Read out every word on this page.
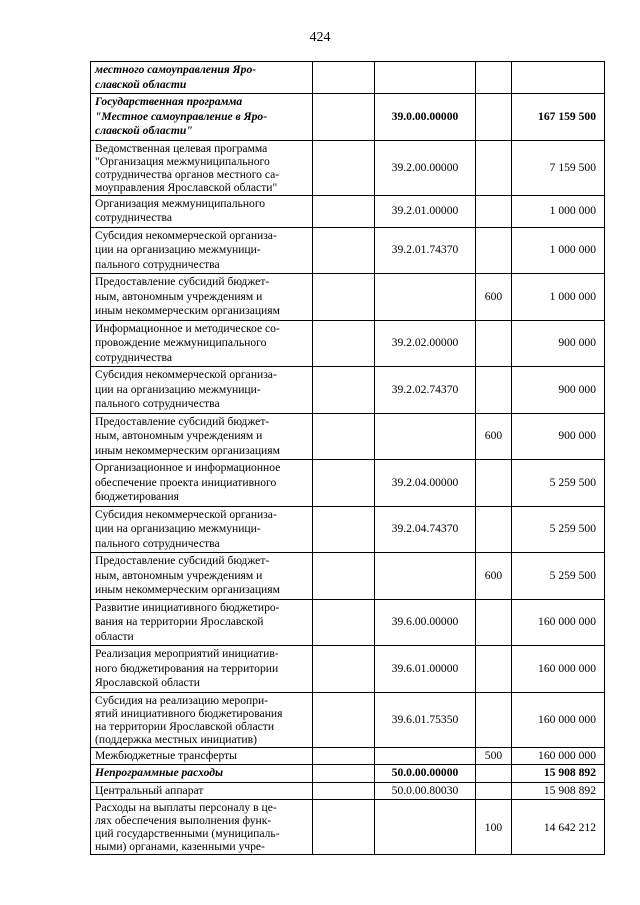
424
местного самоуправления Яро-
славской области				

Государственная программа
"Местное самоуправление в Яро-
славской области"		39.0.00.00000		167 159 500

Ведомственная целевая программа
"Организация межмуниципального
сотрудничества органов местного са-
моуправления Ярославской области"		39.2.00.00000		7 159 500

Организация межмуниципального
сотрудничества		39.2.01.00000		1 000 000

Субсидия некоммерческой организа-
ции на организацию межмуници-
пального сотрудничества		39.2.01.74370		1 000 000

Предоставление субсидий бюджет-
ным, автономным учреждениям и
иным некоммерческим организациям			600	1 000 000

Информационное и методическое со-
провождение межмуниципального
сотрудничества		39.2.02.00000		900 000

Субсидия некоммерческой организа-
ции на организацию межмуници-
пального сотрудничества		39.2.02.74370		900 000

Предоставление субсидий бюджет-
ным, автономным учреждениям и
иным некоммерческим организациям			600	900 000

Организационное и информационное
обеспечение проекта инициативного
бюджетирования		39.2.04.00000		5 259 500

Субсидия некоммерческой организа-
ции на организацию межмуници-
пального сотрудничества		39.2.04.74370		5 259 500

Предоставление субсидий бюджет-
ным, автономным учреждениям и
иным некоммерческим организациям			600	5 259 500

Развитие инициативного бюджетиро-
вания на территории Ярославской
области		39.6.00.00000		160 000 000

Реализация мероприятий инициатив-
ного бюджетирования на территории
Ярославской области		39.6.01.00000		160 000 000

Субсидия на реализацию меропри-
ятий инициативного бюджетирования
на территории Ярославской области
(поддержка местных инициатив)		39.6.01.75350		160 000 000

Межбюджетные трансферты			500	160 000 000

Непрограммные расходы		50.0.00.00000		15 908 892

Центральный аппарат		50.0.00.80030		15 908 892

Расходы на выплаты персоналу в це-
лях обеспечения выполнения функ-
ций государственными (муниципаль-
ными) органами, казенными учре-			100	14 642 212
